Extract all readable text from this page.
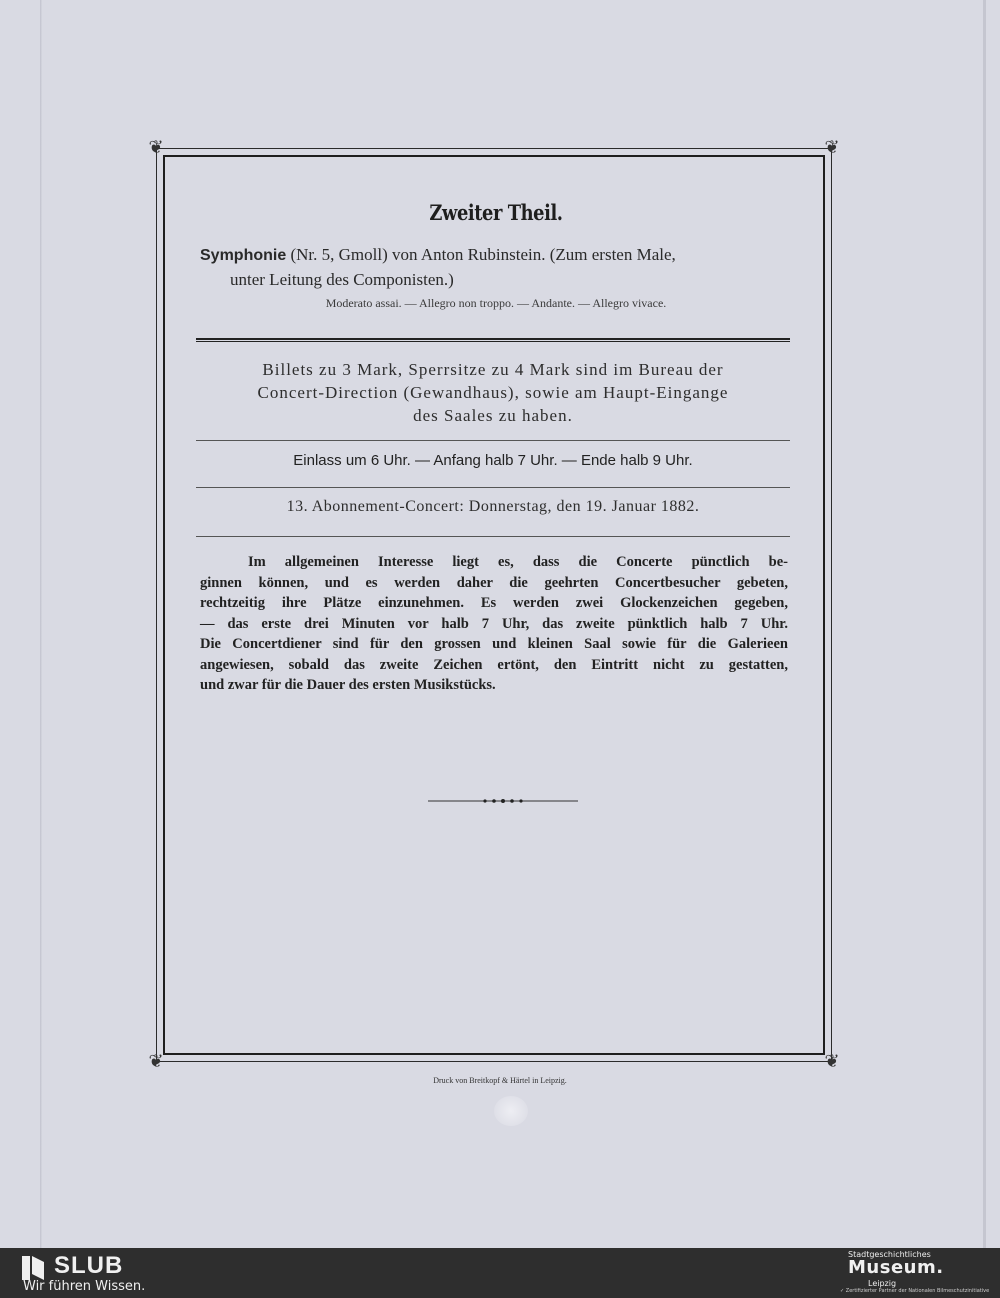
❦	❦
❦	❦
Zweiter Theil.
Symphonie (Nr. 5, Gmoll) von Anton Rubinstein. (Zum ersten Male,
unter Leitung des Componisten.)
Moderato assai. — Allegro non troppo. — Andante. — Allegro vivace.
Billets zu 3 Mark, Sperrsitze zu 4 Mark sind im Bureau der
Concert-Direction (Gewandhaus), sowie am Haupt-Eingange
des Saales zu haben.
Einlass um 6 Uhr. — Anfang halb 7 Uhr. — Ende halb 9 Uhr.
13. Abonnement-Concert: Donnerstag, den 19. Januar 1882.
Im allgemeinen Interesse liegt es, dass die Concerte pünctlich be-
ginnen können, und es werden daher die geehrten Concertbesucher gebeten,
rechtzeitig ihre Plätze einzunehmen. Es werden zwei Glockenzeichen gegeben,
— das erste drei Minuten vor halb 7 Uhr, das zweite pünktlich halb 7 Uhr.
Die Concertdiener sind für den grossen und kleinen Saal sowie für die Galerieen
angewiesen, sobald das zweite Zeichen ertönt, den Eintritt nicht zu gestatten,
und zwar für die Dauer des ersten Musikstücks.
Druck von Breitkopf & Härtel in Leipzig.
SLUB
Wir führen Wissen.
Stadtgeschichtliches
Museum.
Leipzig
✓ Zertifizierter Partner der Nationalen Bilmeschutzinitiative
